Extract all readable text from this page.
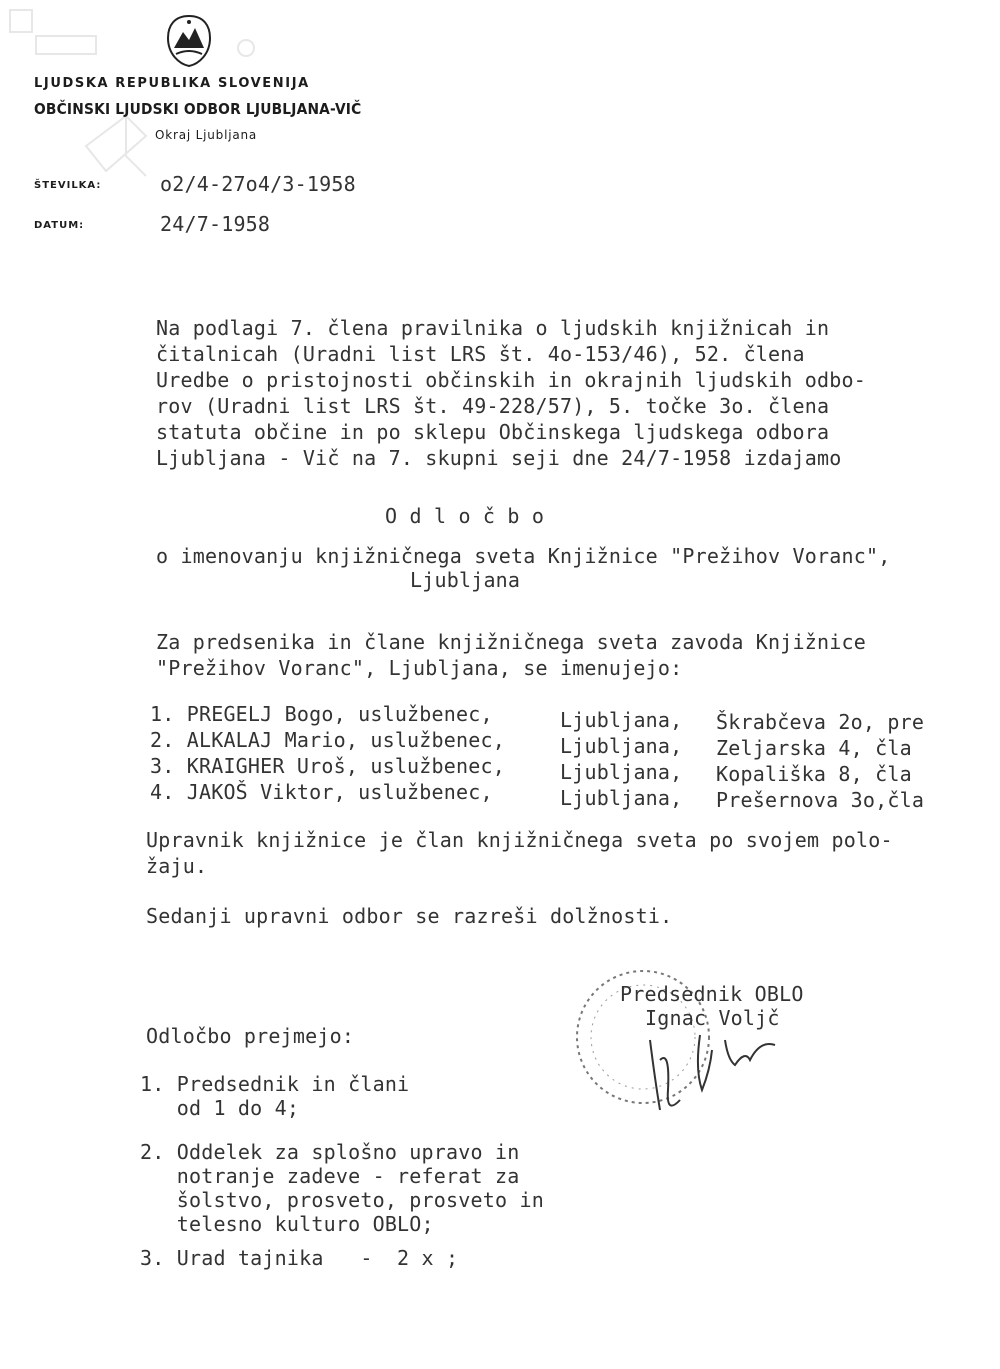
LJUDSKA REPUBLIKA SLOVENIJA
OBČINSKI LJUDSKI ODBOR LJUBLJANA-VIČ
Okraj Ljubljana
ŠTEVILKA:	o2/4-27o4/3-1958
DATUM:	24/7-1958
Na podlagi 7. člena pravilnika o ljudskih knjižnicah in
čitalnicah (Uradni list LRS št. 4o-153/46), 52. člena
Uredbe o pristojnosti občinskih in okrajnih ljudskih odbo-
rov (Uradni list LRS št. 49-228/57), 5. točke 3o. člena
statuta občine in po sklepu Občinskega ljudskega odbora
Ljubljana - Vič na 7. skupni seji dne 24/7-1958 izdajamo
O d l o č b o
o imenovanju knjižničnega sveta Knjižnice "Prežihov Voranc",
Ljubljana
Za predsenika in člane knjižničnega sveta zavoda Knjižnice
"Prežihov Voranc", Ljubljana, se imenujejo:
1. PREGELJ Bogo, uslužbenec,	Ljubljana, Škrabčeva 2o, pre
2. ALKALAJ Mario, uslužbenec,	Ljubljana, Zeljarska 4, čla
3. KRAIGHER Uroš, uslužbenec,	Ljubljana, Kopališka 8, čla
4. JAKOŠ Viktor, uslužbenec,	Ljubljana, Prešernova 3o,čla
Upravnik knjižnice je član knjižničnega sveta po svojem polo-
žaju.
Sedanji upravni odbor se razreši dolžnosti.
Predsednik OBLO
Ignac Voljč
Odločbo prejmejo:
1. Predsednik in člani
od 1 do 4;
2. Oddelek za splošno upravo in
notranje zadeve - referat za
šolstvo, prosveto, prosveto in
telesno kulturo OBLO;
3. Urad tajnika   -  2 x ;
